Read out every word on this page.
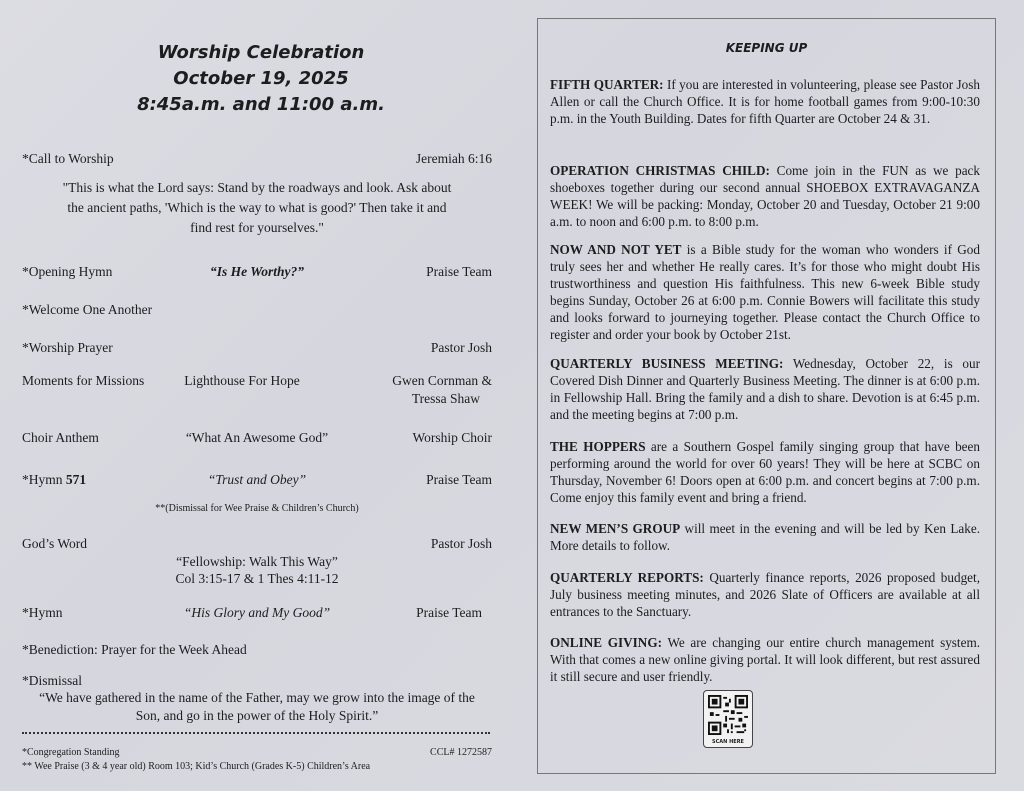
Worship Celebration
October 19, 2025
8:45a.m. and 11:00 a.m.
*Call to Worship	Jeremiah 6:16
"This is what the Lord says: Stand by the roadways and look. Ask about
the ancient paths, 'Which is the way to what is good?' Then take it and
find rest for yourselves."
*Opening Hymn	“Is He Worthy?”	Praise Team
*Welcome One Another
*Worship Prayer	Pastor Josh
Moments for Missions	Lighthouse For Hope	Gwen Cornman &
Tressa Shaw
Choir Anthem	“What An Awesome God”	Worship Choir
*Hymn 571	“Trust and Obey”	Praise Team
**(Dismissal for Wee Praise & Children’s Church)
God’s Word	Pastor Josh
“Fellowship: Walk This Way”
Col 3:15-17 & 1 Thes 4:11-12
*Hymn	“His Glory and My Good”	Praise Team
*Benediction: Prayer for the Week Ahead
*Dismissal
“We have gathered in the name of the Father, may we grow into the image of the
Son, and go in the power of the Holy Spirit.”
*Congregation Standing	CCL# 1272587
** Wee Praise (3 & 4 year old) Room 103; Kid’s Church (Grades K-5) Children’s Area
KEEPING UP
FIFTH QUARTER: If you are interested in volunteering, please see Pastor Josh Allen or call the Church Office. It is for home football games from 9:00-10:30 p.m. in the Youth Building. Dates for fifth Quarter are October 24 & 31.
OPERATION CHRISTMAS CHILD: Come join in the FUN as we pack shoeboxes together during our second annual SHOEBOX EXTRAVAGANZA WEEK! We will be packing: Monday, October 20 and Tuesday, October 21 9:00 a.m. to noon and 6:00 p.m. to 8:00 p.m.
NOW AND NOT YET is a Bible study for the woman who wonders if God truly sees her and whether He really cares. It’s for those who might doubt His trustworthiness and question His faithfulness. This new 6-week Bible study begins Sunday, October 26 at 6:00 p.m. Connie Bowers will facilitate this study and looks forward to journeying together. Please contact the Church Office to register and order your book by October 21st.
QUARTERLY BUSINESS MEETING: Wednesday, October 22, is our Covered Dish Dinner and Quarterly Business Meeting. The dinner is at 6:00 p.m. in Fellowship Hall. Bring the family and a dish to share. Devotion is at 6:45 p.m. and the meeting begins at 7:00 p.m.
THE HOPPERS are a Southern Gospel family singing group that have been performing around the world for over 60 years! They will be here at SCBC on Thursday, November 6! Doors open at 6:00 p.m. and concert begins at 7:00 p.m. Come enjoy this family event and bring a friend.
NEW MEN’S GROUP will meet in the evening and will be led by Ken Lake. More details to follow.
QUARTERLY REPORTS: Quarterly finance reports, 2026 proposed budget, July business meeting minutes, and 2026 Slate of Officers are available at all entrances to the Sanctuary.
ONLINE GIVING: We are changing our entire church management system. With that comes a new online giving portal. It will look different, but rest assured it still secure and user friendly.
SCAN HERE
